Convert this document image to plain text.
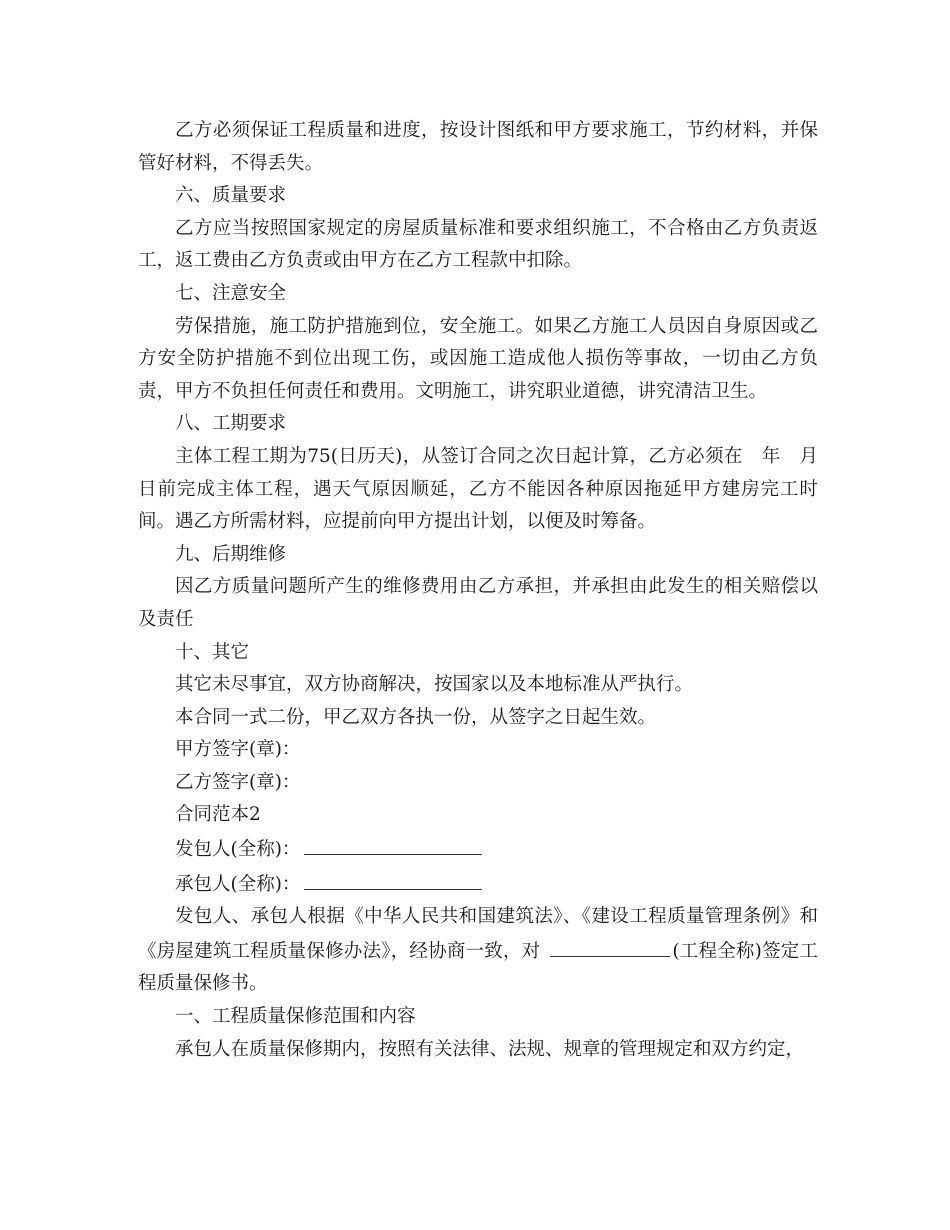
乙方必须保证工程质量和进度，按设计图纸和甲方要求施工，节约材料，并保管好材料，不得丢失。

六、质量要求

乙方应当按照国家规定的房屋质量标准和要求组织施工，不合格由乙方负责返工，返工费由乙方负责或由甲方在乙方工程款中扣除。

七、注意安全

劳保措施，施工防护措施到位，安全施工。如果乙方施工人员因自身原因或乙方安全防护措施不到位出现工伤，或因施工造成他人损伤等事故，一切由乙方负责，甲方不负担任何责任和费用。文明施工，讲究职业道德，讲究清洁卫生。

八、工期要求

主体工程工期为75(日历天)，从签订合同之次日起计算，乙方必须在　年　月日前完成主体工程，遇天气原因顺延，乙方不能因各种原因拖延甲方建房完工时间。遇乙方所需材料，应提前向甲方提出计划，以便及时筹备。

九、后期维修

因乙方质量问题所产生的维修费用由乙方承担，并承担由此发生的相关赔偿以及责任

十、其它

其它未尽事宜，双方协商解决，按国家以及本地标准从严执行。

本合同一式二份，甲乙双方各执一份，从签字之日起生效。

甲方签字(章)：

乙方签字(章)：

合同范本2

发包人(全称)：

承包人(全称)：

发包人、承包人根据《中华人民共和国建筑法》、《建设工程质量管理条例》和《房屋建筑工程质量保修办法》，经协商一致，对	(工程全称)签定工程质量保修书。

一、工程质量保修范围和内容

承包人在质量保修期内，按照有关法律、法规、规章的管理规定和双方约定，
